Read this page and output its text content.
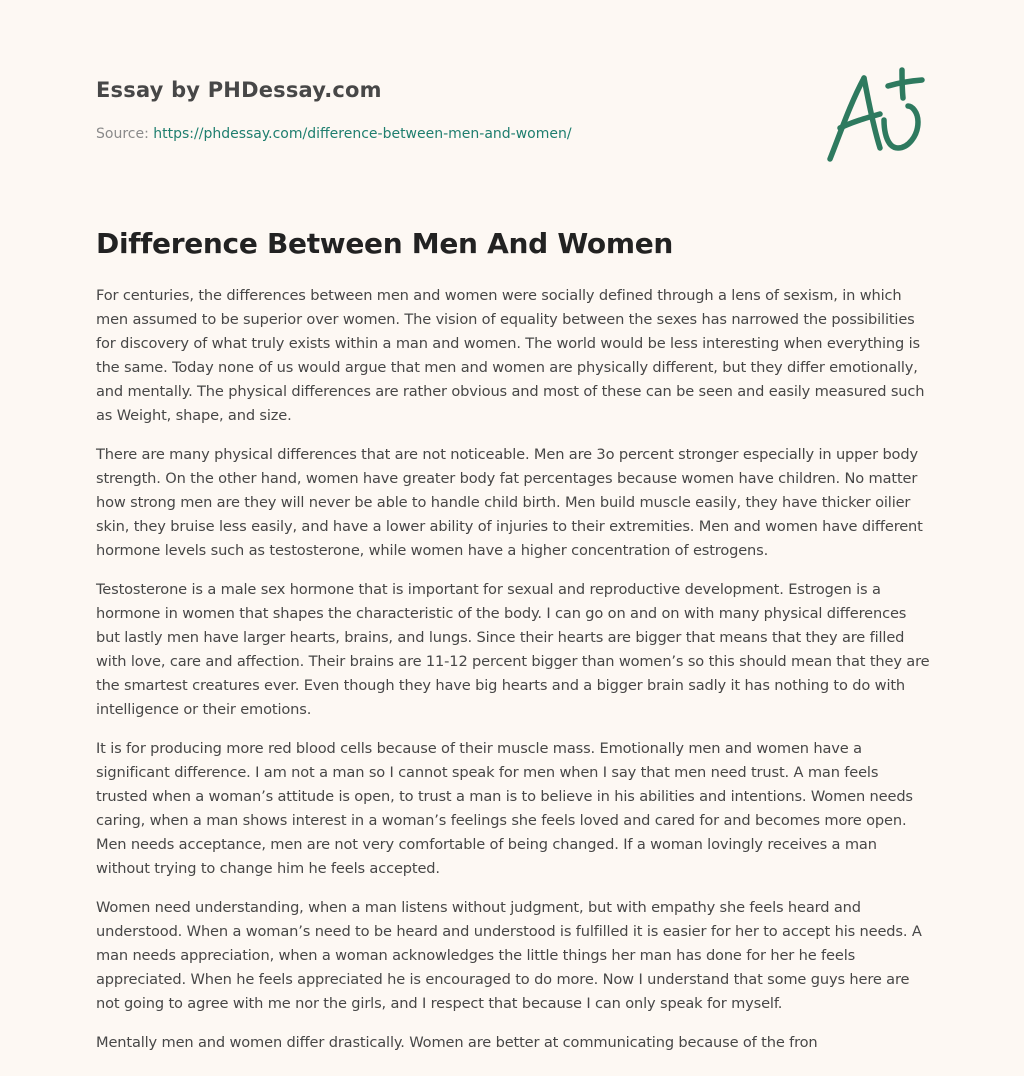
Essay by PHDessay.com
Source: https://phdessay.com/difference-between-men-and-women/
Difference Between Men And Women

For centuries, the differences between men and women were socially defined through a lens of sexism, in which men assumed to be superior over women. The vision of equality between the sexes has narrowed the possibilities for discovery of what truly exists within a man and women. The world would be less interesting when everything is the same. Today none of us would argue that men and women are physically different, but they differ emotionally, and mentally. The physical differences are rather obvious and most of these can be seen and easily measured such as Weight, shape, and size.

There are many physical differences that are not noticeable. Men are 3o percent stronger especially in upper body strength. On the other hand, women have greater body fat percentages because women have children. No matter how strong men are they will never be able to handle child birth. Men build muscle easily, they have thicker oilier skin, they bruise less easily, and have a lower ability of injuries to their extremities. Men and women have different hormone levels such as testosterone, while women have a higher concentration of estrogens.

Testosterone is a male sex hormone that is important for sexual and reproductive development. Estrogen is a hormone in women that shapes the characteristic of the body. I can go on and on with many physical differences but lastly men have larger hearts, brains, and lungs. Since their hearts are bigger that means that they are filled with love, care and affection. Their brains are 11-12 percent bigger than women’s so this should mean that they are the smartest creatures ever. Even though they have big hearts and a bigger brain sadly it has nothing to do with intelligence or their emotions.

It is for producing more red blood cells because of their muscle mass. Emotionally men and women have a significant difference. I am not a man so I cannot speak for men when I say that men need trust. A man feels trusted when a woman’s attitude is open, to trust a man is to believe in his abilities and intentions. Women needs caring, when a man shows interest in a woman’s feelings she feels loved and cared for and becomes more open. Men needs acceptance, men are not very comfortable of being changed. If a woman lovingly receives a man without trying to change him he feels accepted.

Women need understanding, when a man listens without judgment, but with empathy she feels heard and understood. When a woman’s need to be heard and understood is fulfilled it is easier for her to accept his needs. A man needs appreciation, when a woman acknowledges the little things her man has done for her he feels appreciated. When he feels appreciated he is encouraged to do more. Now I understand that some guys here are not going to agree with me nor the girls, and I respect that because I can only speak for myself.

Mentally men and women differ drastically. Women are better at communicating because of the fron
